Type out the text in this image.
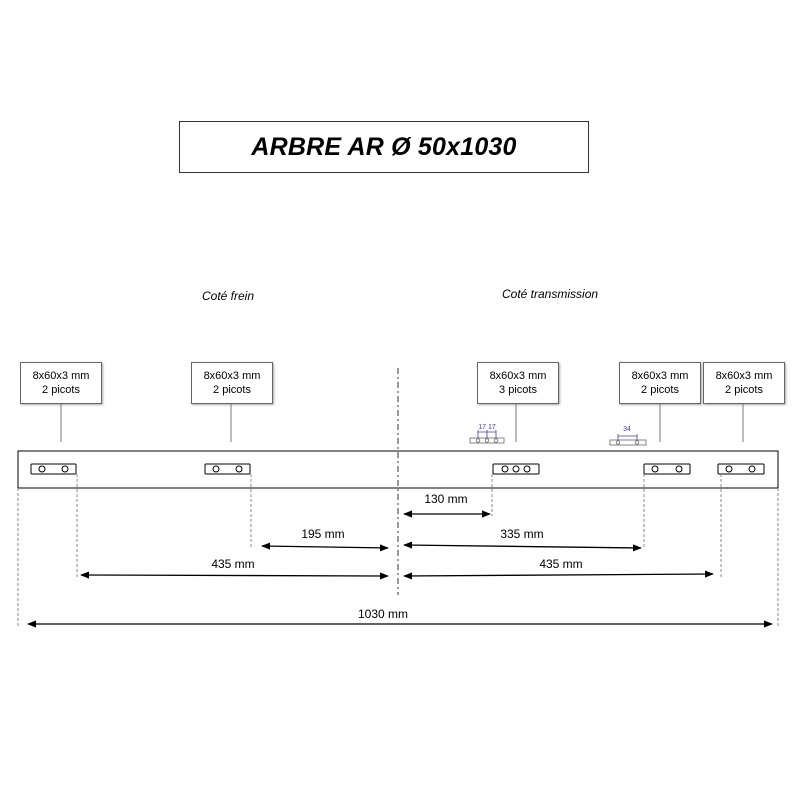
ARBRE AR Ø 50x1030
Coté frein	Coté transmission
8x60x3 mm
2 picots
8x60x3 mm
2 picots
8x60x3 mm
3 picots
8x60x3 mm
2 picots
8x60x3 mm
2 picots
17 17	34
130 mm
195 mm	335 mm
435 mm	435 mm
1030 mm
